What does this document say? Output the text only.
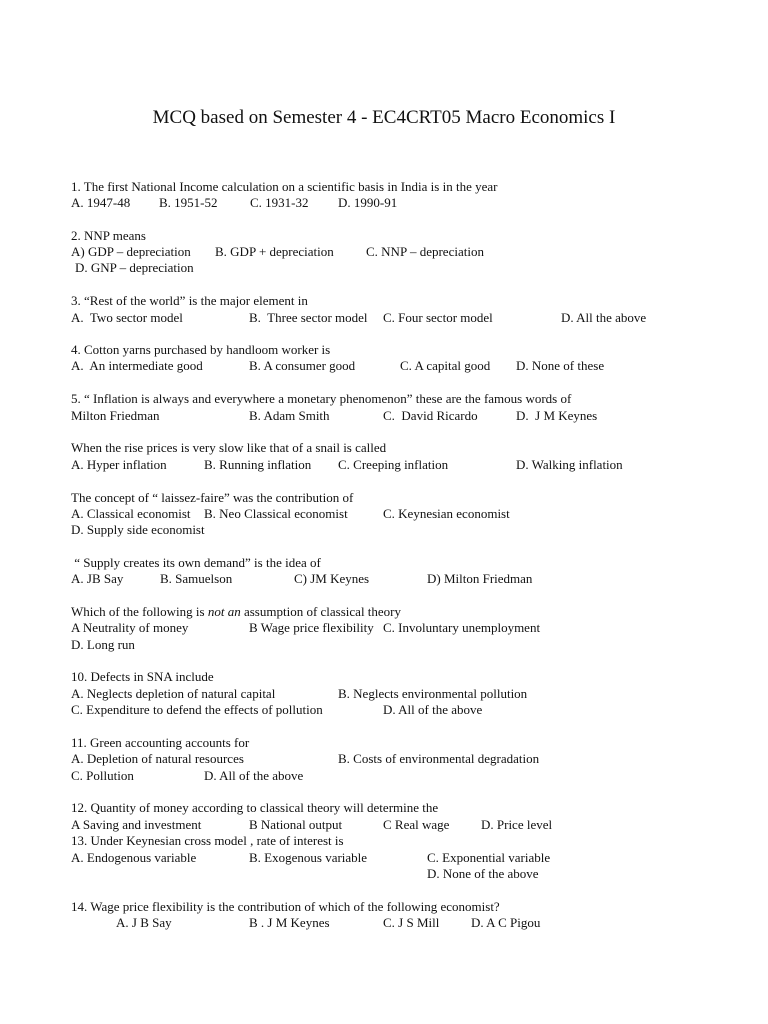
MCQ based on Semester 4 - EC4CRT05 Macro Economics I
1. The first National Income calculation on a scientific basis in India is in the year
A. 1947-48 B. 1951-52	C. 1931-32 D. 1990-91
2. NNP means
A) GDP – depreciation B. GDP + depreciation C. NNP – depreciation
D. GNP – depreciation
3. “Rest of the world” is the major element in
A.  Two sector model	B.  Three sector model C. Four sector model	D. All the above
4. Cotton yarns purchased by handloom worker is
A.  An intermediate good	B. A consumer good	C. A capital good D. None of these
5. “ Inflation is always and everywhere a monetary phenomenon” these are the famous words of
Milton Friedman	B. Adam Smith	C.  David Ricardo	D.  J M Keynes
When the rise prices is very slow like that of a snail is called
A. Hyper inflation	B. Running inflation C. Creeping inflation	D. Walking inflation
The concept of “ laissez-faire” was the contribution of
A. Classical economist B. Neo Classical economist	C. Keynesian economist
D. Supply side economist
“ Supply creates its own demand” is the idea of
A. JB Say	B. Samuelson	C) JM Keynes	D) Milton Friedman
Which of the following is not an assumption of classical theory
A Neutrality of money	B Wage price flexibility C. Involuntary unemployment
D. Long run
10. Defects in SNA include
A. Neglects depletion of natural capital	B. Neglects environmental pollution
C. Expenditure to defend the effects of pollution	D. All of the above
11. Green accounting accounts for
A. Depletion of natural resources	B. Costs of environmental degradation
C. Pollution	D. All of the above
12. Quantity of money according to classical theory will determine the
A Saving and investment	B National output	C Real wage D. Price level
13. Under Keynesian cross model , rate of interest is
A. Endogenous variable	B. Exogenous variable	C. Exponential variable
D. None of the above
14. Wage price flexibility is the contribution of which of the following economist?
A. J B Say	B . J M Keynes	C. J S Mill D. A C Pigou
